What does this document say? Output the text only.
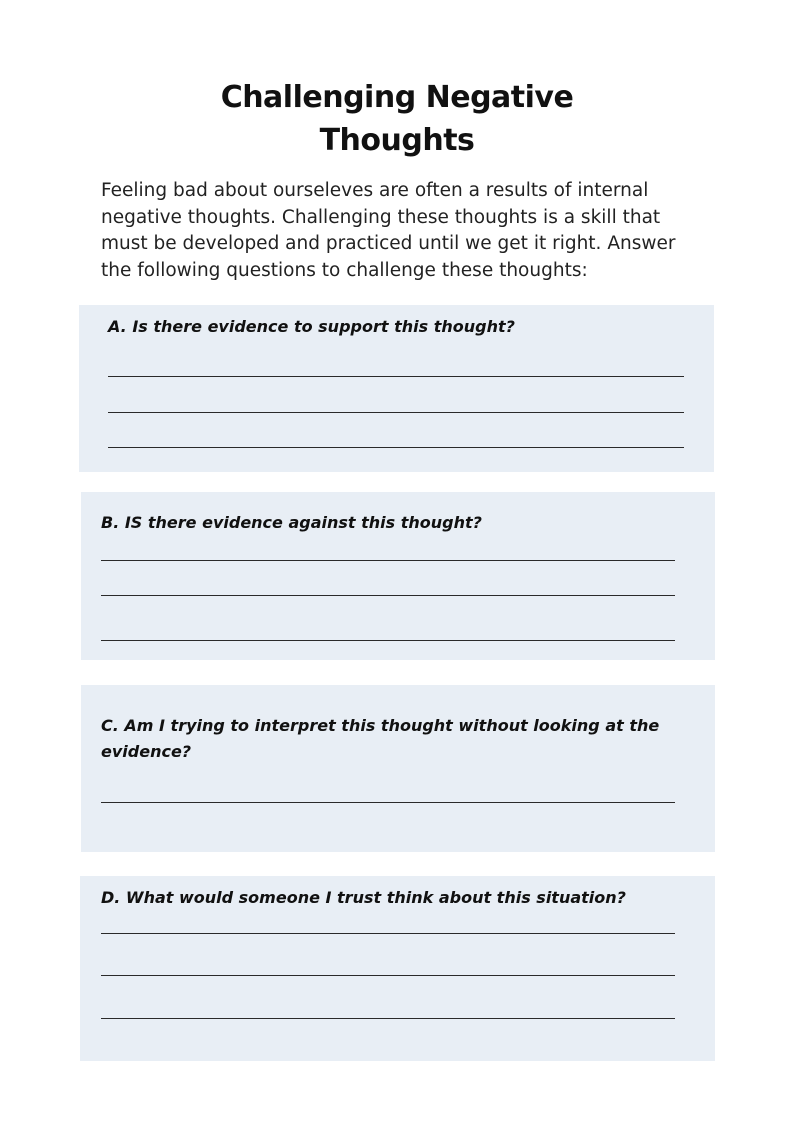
Challenging Negative
Thoughts

Feeling bad about ourseleves are often a results of internal negative thoughts. Challenging these thoughts is a skill that must be developed and practiced until we get it right. Answer the following questions to challenge these thoughts:

A. Is there evidence to support this thought?

B. IS there evidence against this thought?

C. Am I trying to interpret this thought without looking at the evidence?

D. What would someone I trust think about this situation?
